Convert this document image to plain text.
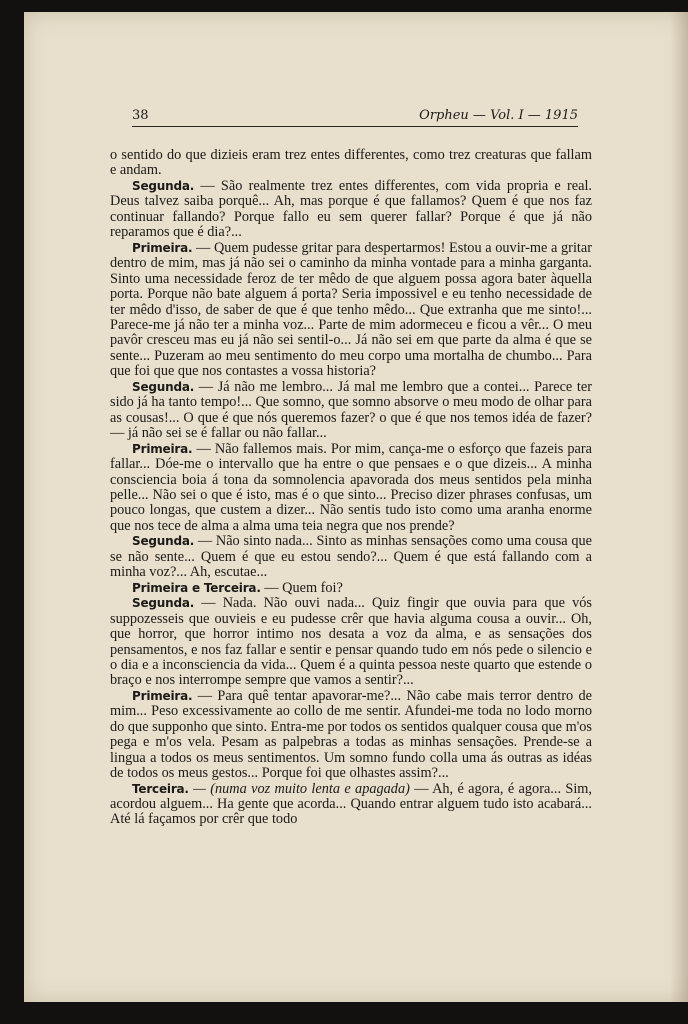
38	Orpheu — Vol. I — 1915

o sentido do que dizieis eram trez entes differentes, como trez creaturas que fallam e andam.

Segunda. — São realmente trez entes differentes, com vida propria e real. Deus talvez saiba porquê... Ah, mas porque é que fallamos? Quem é que nos faz continuar fallando? Porque fallo eu sem querer fallar? Porque é que já não reparamos que é dia?...

Primeira. — Quem pudesse gritar para despertarmos! Estou a ouvir-me a gritar dentro de mim, mas já não sei o caminho da minha vontade para a minha garganta. Sinto uma necessidade feroz de ter mêdo de que alguem possa agora bater àquella porta. Porque não bate alguem á porta? Seria impossivel e eu tenho necessidade de ter mêdo d'isso, de saber de que é que tenho mêdo... Que extranha que me sinto!... Parece-me já não ter a minha voz... Parte de mim adormeceu e ficou a vêr... O meu pavôr cresceu mas eu já não sei sentil-o... Já não sei em que parte da alma é que se sente... Puzeram ao meu sentimento do meu corpo uma mortalha de chumbo... Para que foi que que nos contastes a vossa historia?

Segunda. — Já não me lembro... Já mal me lembro que a contei... Parece ter sido já ha tanto tempo!... Que somno, que somno absorve o meu modo de olhar para as cousas!... O que é que nós queremos fazer? o que é que nos temos idéa de fazer? — já não sei se é fallar ou não fallar...

Primeira. — Não fallemos mais. Por mim, cança-me o esforço que fazeis para fallar... Dóe-me o intervallo que ha entre o que pensaes e o que dizeis... A minha consciencia boia á tona da somnolencia apavorada dos meus sentidos pela minha pelle... Não sei o que é isto, mas é o que sinto... Preciso dizer phrases confusas, um pouco longas, que custem a dizer... Não sentis tudo isto como uma aranha enorme que nos tece de alma a alma uma teia negra que nos prende?

Segunda. — Não sinto nada... Sinto as minhas sensações como uma cousa que se não sente... Quem é que eu estou sendo?... Quem é que está fallando com a minha voz?... Ah, escutae...

Primeira e Terceira. — Quem foi?

Segunda. — Nada. Não ouvi nada... Quiz fingir que ouvia para que vós suppozesseis que ouvieis e eu pudesse crêr que havia alguma cousa a ouvir... Oh, que horror, que horror intimo nos desata a voz da alma, e as sensações dos pensamentos, e nos faz fallar e sentir e pensar quando tudo em nós pede o silencio e o dia e a inconsciencia da vida... Quem é a quinta pessoa neste quarto que estende o braço e nos interrompe sempre que vamos a sentir?...

Primeira. — Para quê tentar apavorar-me?... Não cabe mais terror dentro de mim... Peso excessivamente ao collo de me sentir. Afundei-me toda no lodo morno do que supponho que sinto. Entra-me por todos os sentidos qualquer cousa que m'os pega e m'os vela. Pesam as palpebras a todas as minhas sensações. Prende-se a lingua a todos os meus sentimentos. Um somno fundo colla uma ás outras as idéas de todos os meus gestos... Porque foi que olhastes assim?...

Terceira. — (numa voz muito lenta e apagada) — Ah, é agora, é agora... Sim, acordou alguem... Ha gente que acorda... Quando entrar alguem tudo isto acabará... Até lá façamos por crêr que todo
